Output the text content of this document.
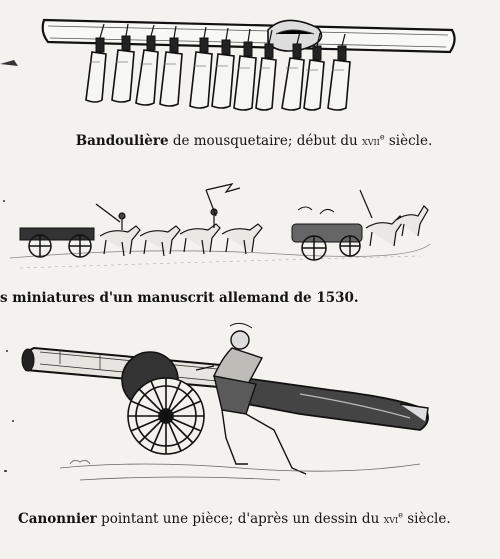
Bandoulière de mousquetaire; début du xvii$^e$ siècle.
s miniatures d'un manuscrit allemand de 1530.
Canonnier pointant une pièce; d'après un dessin du xvi$^e$ siècle.
